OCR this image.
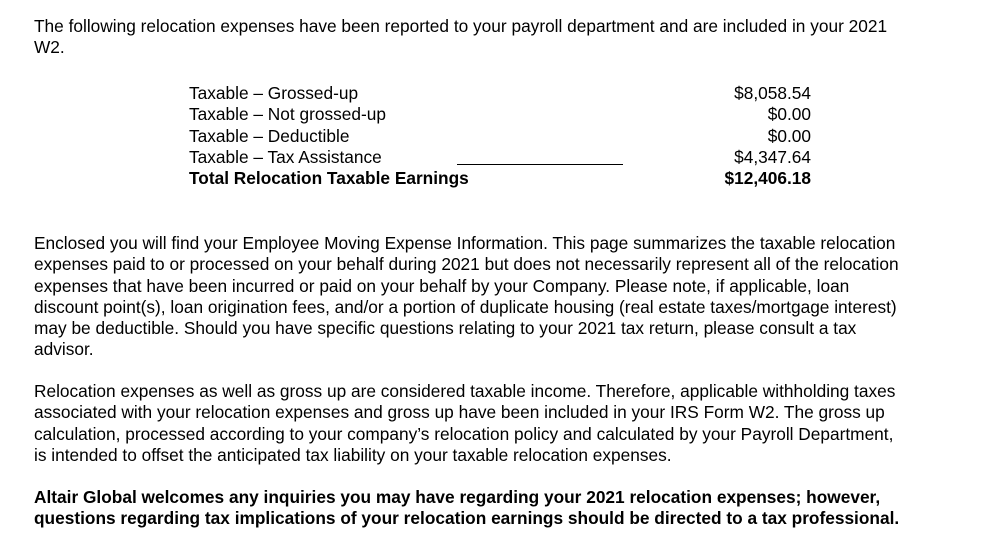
The following relocation expenses have been reported to your payroll department and are included in your 2021
W2.

Taxable – Grossed-up	$8,058.54
Taxable – Not grossed-up	$0.00
Taxable – Deductible	$0.00
Taxable – Tax Assistance	$4,347.64
Total Relocation Taxable Earnings	$12,406.18

Enclosed you will find your Employee Moving Expense Information. This page summarizes the taxable relocation
expenses paid to or processed on your behalf during 2021 but does not necessarily represent all of the relocation
expenses that have been incurred or paid on your behalf by your Company. Please note, if applicable, loan
discount point(s), loan origination fees, and/or a portion of duplicate housing (real estate taxes/mortgage interest)
may be deductible. Should you have specific questions relating to your 2021 tax return, please consult a tax
advisor.

Relocation expenses as well as gross up are considered taxable income. Therefore, applicable withholding taxes
associated with your relocation expenses and gross up have been included in your IRS Form W2. The gross up
calculation, processed according to your company’s relocation policy and calculated by your Payroll Department,
is intended to offset the anticipated tax liability on your taxable relocation expenses.

Altair Global welcomes any inquiries you may have regarding your 2021 relocation expenses; however,
questions regarding tax implications of your relocation earnings should be directed to a tax professional.
